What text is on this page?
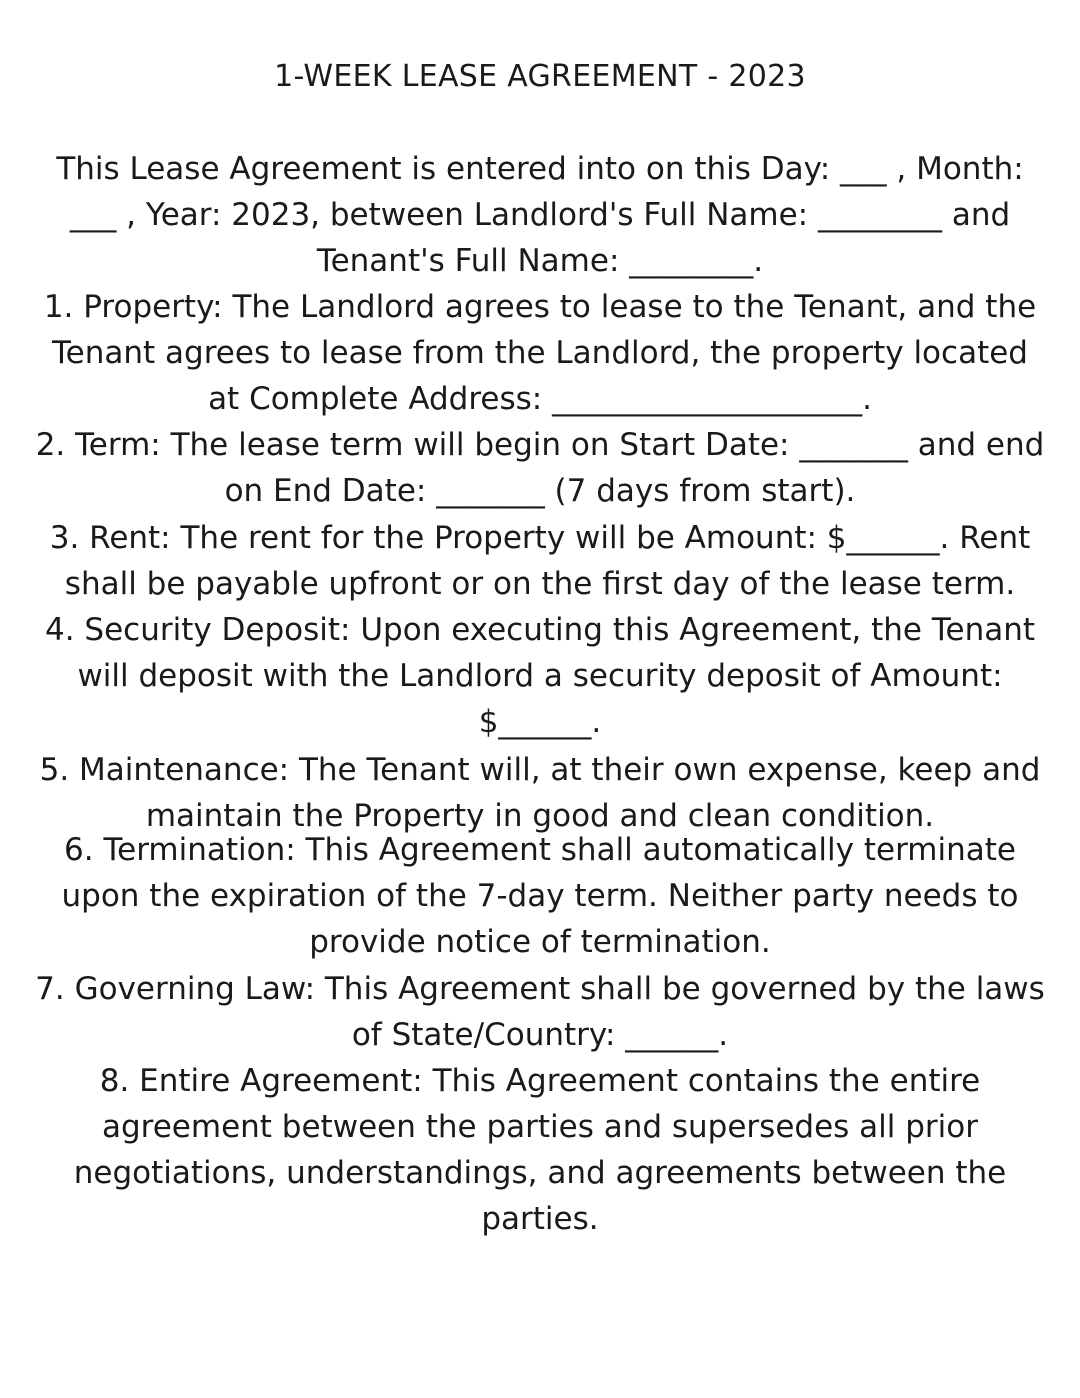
1-WEEK LEASE AGREEMENT - 2023

This Lease Agreement is entered into on this Day: ___ , Month:

___ , Year: 2023, between Landlord's Full Name: ________ and

Tenant's Full Name: ________.

1. Property: The Landlord agrees to lease to the Tenant, and the

Tenant agrees to lease from the Landlord, the property located

at Complete Address: ____________________.

2. Term: The lease term will begin on Start Date: _______ and end

on End Date: _______ (7 days from start).

3. Rent: The rent for the Property will be Amount: $______. Rent

shall be payable upfront or on the first day of the lease term.

4. Security Deposit: Upon executing this Agreement, the Tenant

will deposit with the Landlord a security deposit of Amount:

$______.

5. Maintenance: The Tenant will, at their own expense, keep and

maintain the Property in good and clean condition.

6. Termination: This Agreement shall automatically terminate

upon the expiration of the 7-day term. Neither party needs to

provide notice of termination.

7. Governing Law: This Agreement shall be governed by the laws

of State/Country: ______.

8. Entire Agreement: This Agreement contains the entire

agreement between the parties and supersedes all prior

negotiations, understandings, and agreements between the

parties.
